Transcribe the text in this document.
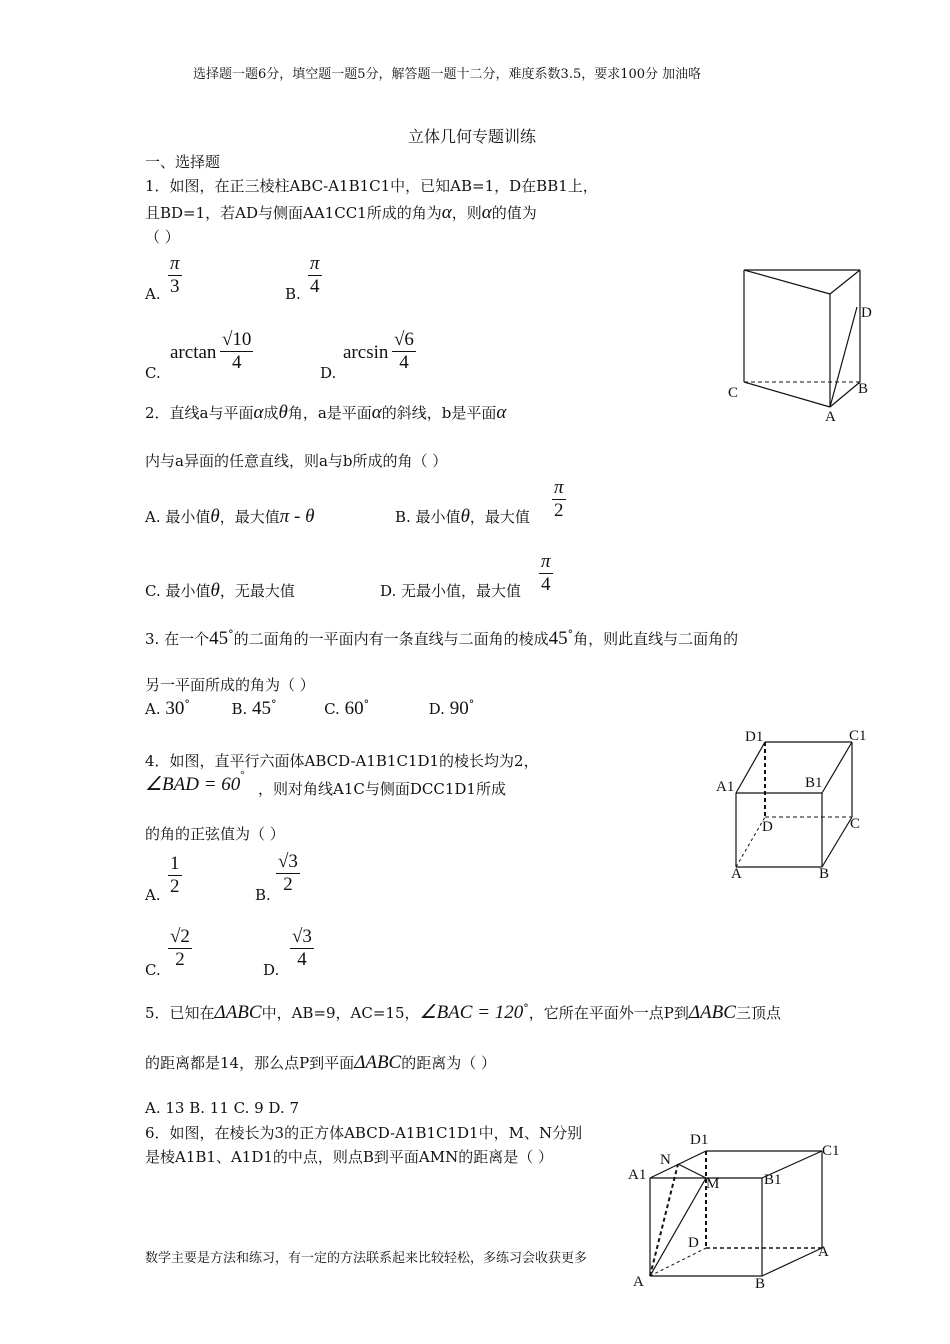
选择题一题6分，填空题一题5分，解答题一题十二分，难度系数3.5，要求100分 加油咯
立体几何专题训练
一、选择题
1．如图，在正三棱柱ABC-A1B1C1中，已知AB=1，D在BB1上，
且BD=1，若AD与侧面AA1CC1所成的角为α，则α的值为
（ ）
A. $\frac{\pi}{3}$	B. $\frac{\pi}{4}$
C.
$\arctan \frac{√10}{4}$	D.
$\arcsin \frac{√6}{4}$
D
C	B
A
2．直线a与平面α成θ角，a是平面α的斜线，b是平面α
内与a异面的任意直线，则a与b所成的角（ ）
A. 最小值θ，最大值π - θ	B. 最小值θ，最大值 $\frac{\pi}{2}$
C. 最小值θ，无最大值	D. 无最小值，最大值 $\frac{\pi}{4}$
3. 在一个45°的二面角的一平面内有一条直线与二面角的棱成45°角，则此直线与二面角的
另一平面所成的角为（ ）
A. 30°	B. 45°	C. 60°	D. 90°
4．如图，直平行六面体ABCD-A1B1C1D1的棱长均为2，
∠BAD = 60°
，则对角线A1C与侧面DCC1D1所成
的角的正弦值为（ ）
A. $\frac{1}{2}$	B. $\frac{√3}{2}$
C. $\frac{√2}{2}$	D. $\frac{√3}{4}$
D1	C1
A1	B1
D	C
A	B
5．已知在ΔABC中，AB=9，AC=15，∠BAC = 120°，它所在平面外一点P到ΔABC三顶点
的距离都是14，那么点P到平面ΔABC的距离为（ ）
A. 13 B. 11 C. 9 D. 7
6．如图，在棱长为3的正方体ABCD-A1B1C1D1中，M、N分别
是棱A1B1、A1D1的中点，则点B到平面AMN的距离是（ ）
D1
C1
N
A1
M	B1
D
A
A	B
数学主要是方法和练习，有一定的方法联系起来比较轻松，多练习会收获更多
